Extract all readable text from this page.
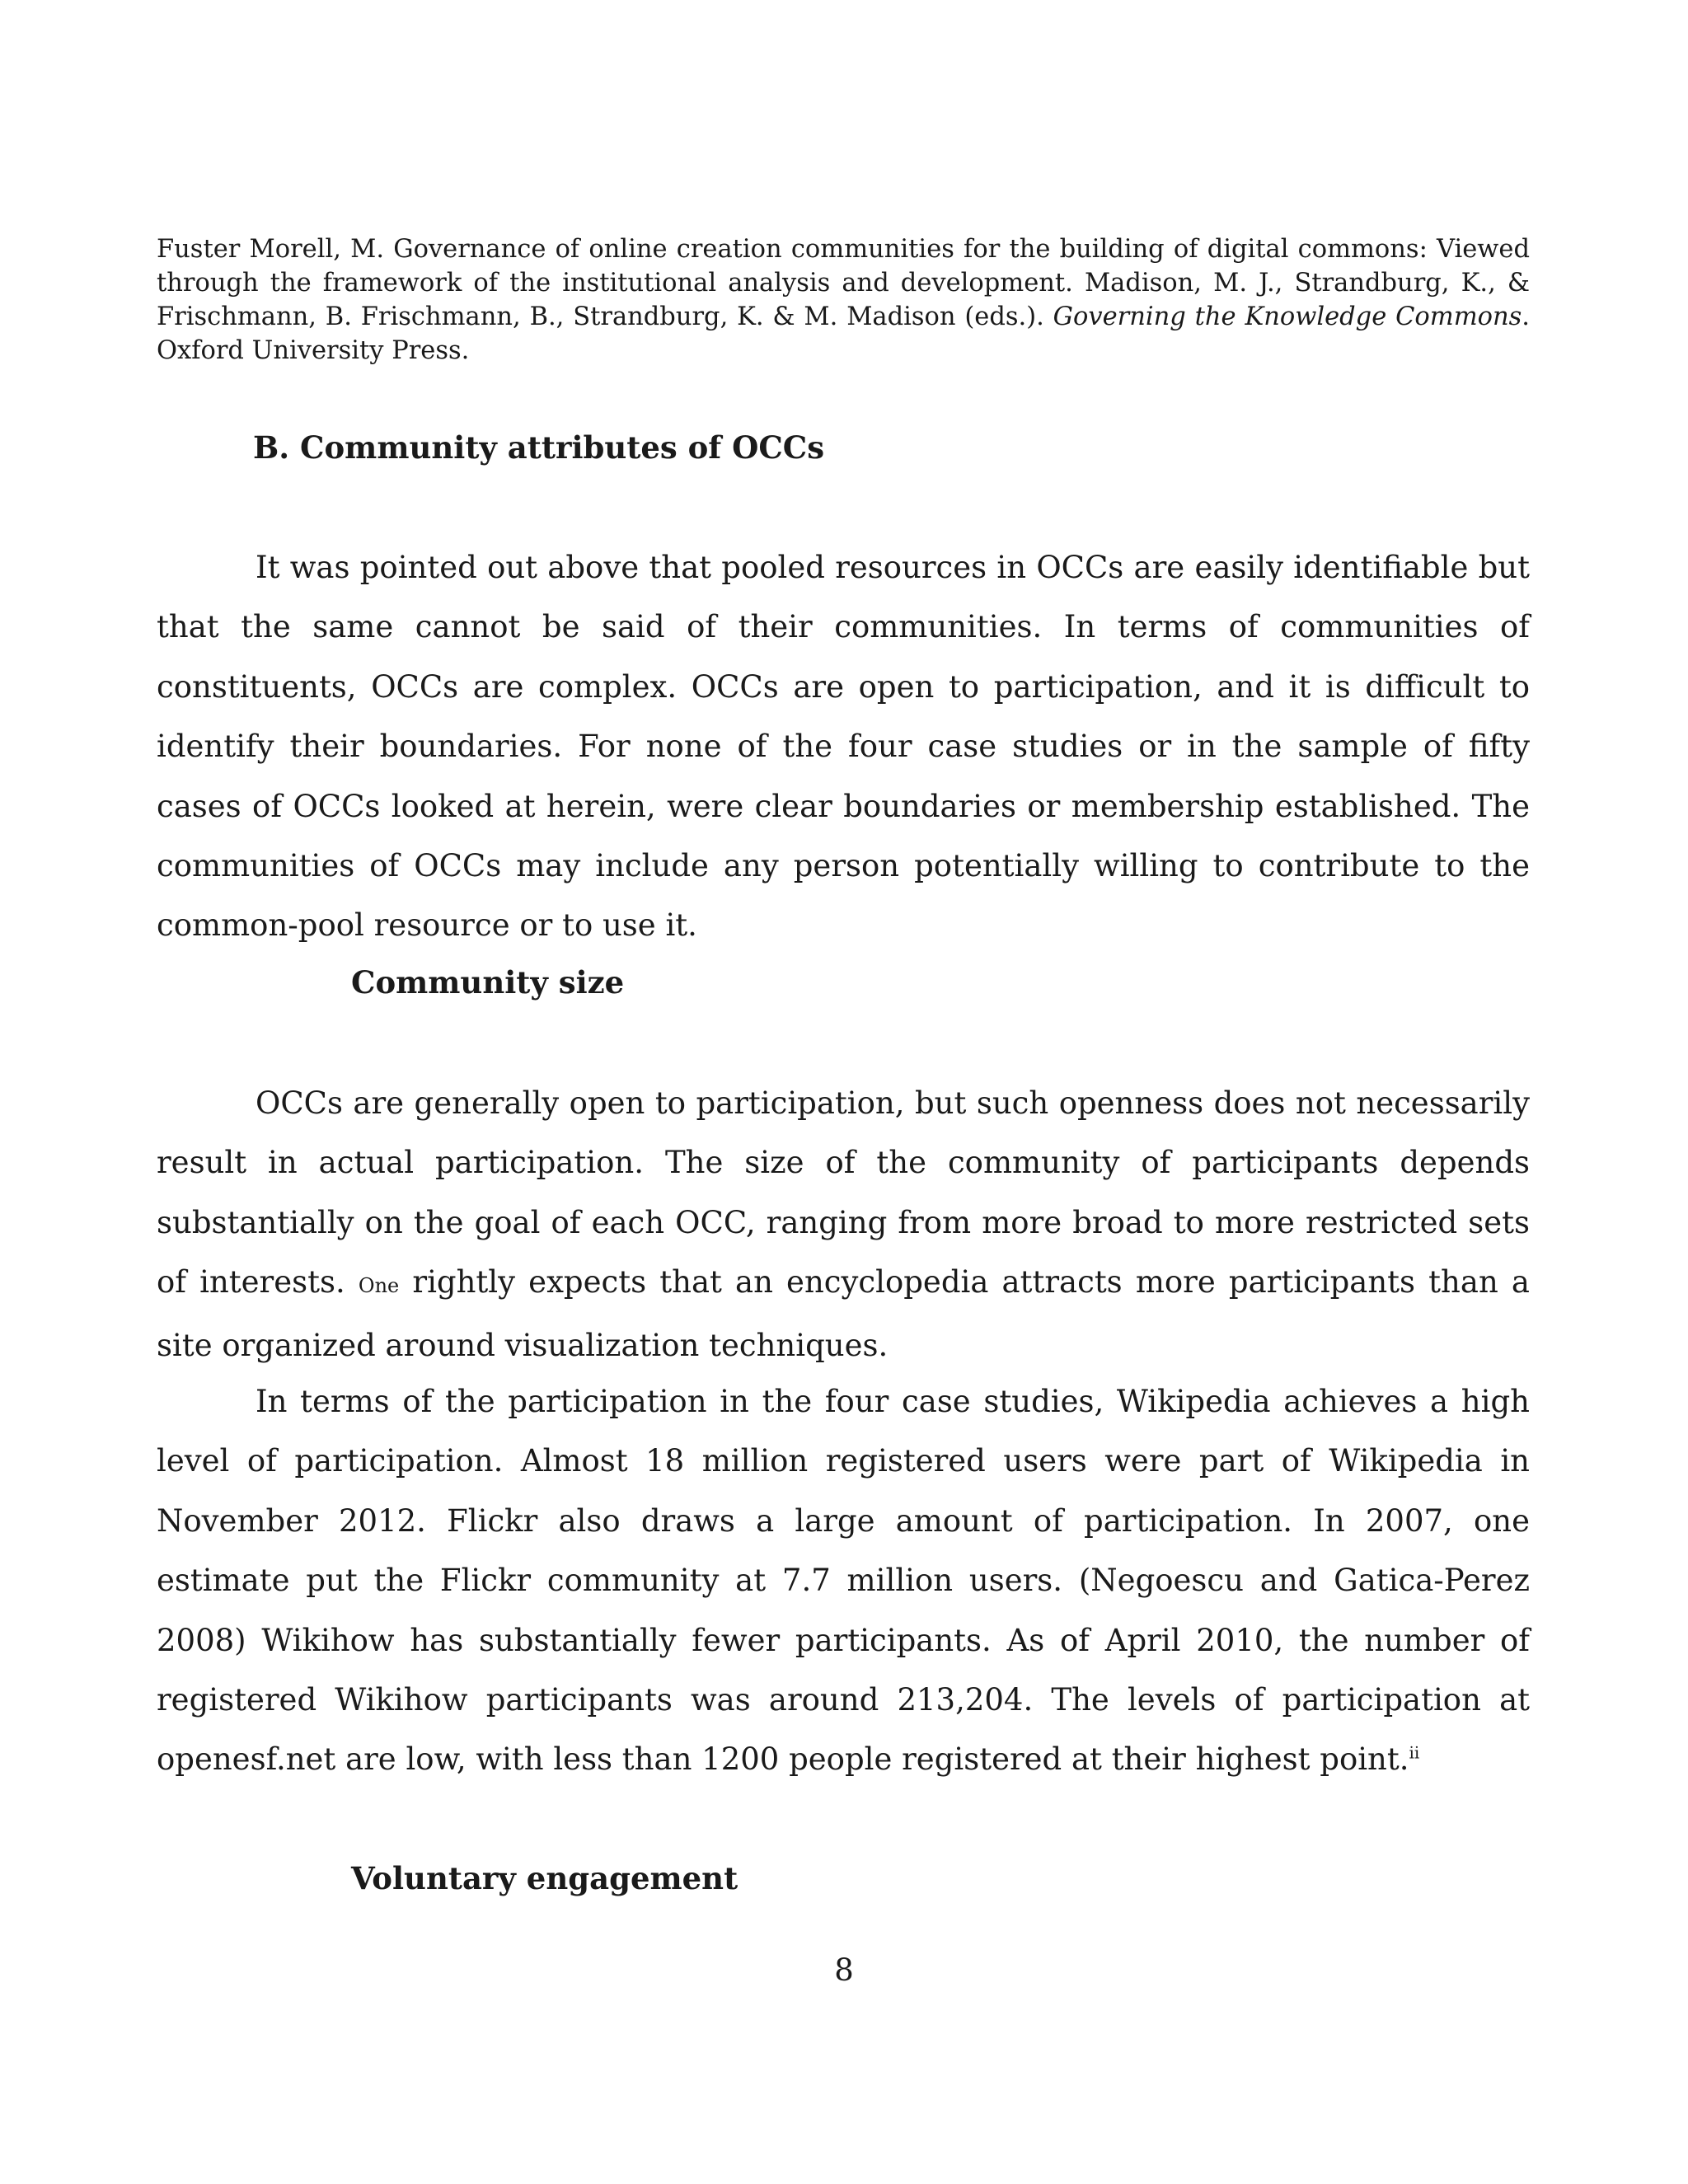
Fuster Morell, M. Governance of online creation communities for the building of digital commons: Viewed through the framework of the institutional analysis and development. Madison, M. J., Strandburg, K., & Frischmann, B. Frischmann, B., Strandburg, K. & M. Madison (eds.). Governing the Knowledge Commons. Oxford University Press.

B. Community attributes of OCCs

It was pointed out above that pooled resources in OCCs are easily identifiable but that the same cannot be said of their communities. In terms of communities of constituents, OCCs are complex. OCCs are open to participation, and it is difficult to identify their boundaries. For none of the four case studies or in the sample of fifty cases of OCCs looked at herein, were clear boundaries or membership established. The communities of OCCs may include any person potentially willing to contribute to the common-pool resource or to use it.

Community size

OCCs are generally open to participation, but such openness does not necessarily result in actual participation. The size of the community of participants depends substantially on the goal of each OCC, ranging from more broad to more restricted sets of interests. One rightly expects that an encyclopedia attracts more participants than a site organized around visualization techniques.

In terms of the participation in the four case studies, Wikipedia achieves a high level of participation. Almost 18 million registered users were part of Wikipedia in November 2012. Flickr also draws a large amount of participation. In 2007, one estimate put the Flickr community at 7.7 million users. (Negoescu and Gatica-Perez 2008) Wikihow has substantially fewer participants. As of April 2010, the number of registered Wikihow participants was around 213,204. The levels of participation at openesf.net are low, with less than 1200 people registered at their highest point.$^{ii}$

Voluntary engagement
8
